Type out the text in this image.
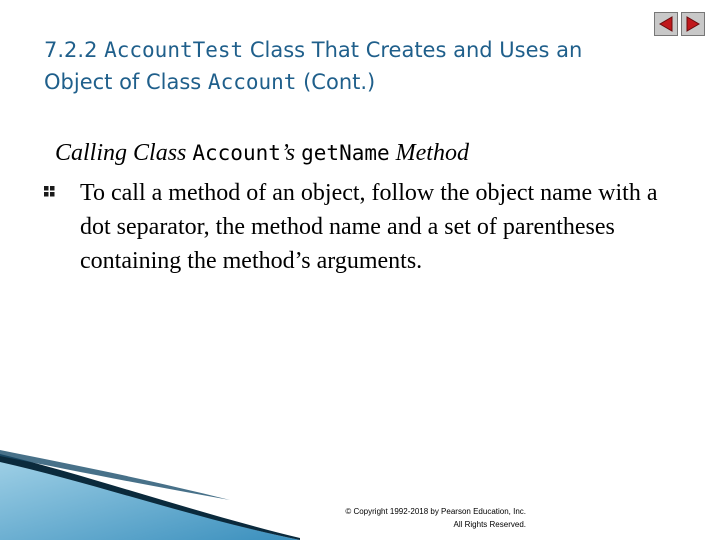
7.2.2 AccountTest Class That Creates and Uses an Object of Class Account (Cont.)
Calling Class Account’s getName Method

To call a method of an object, follow the object name with a dot separator, the method name and a set of parentheses containing the method’s arguments.

© Copyright 1992-2018 by Pearson Education, Inc.
All Rights Reserved.
